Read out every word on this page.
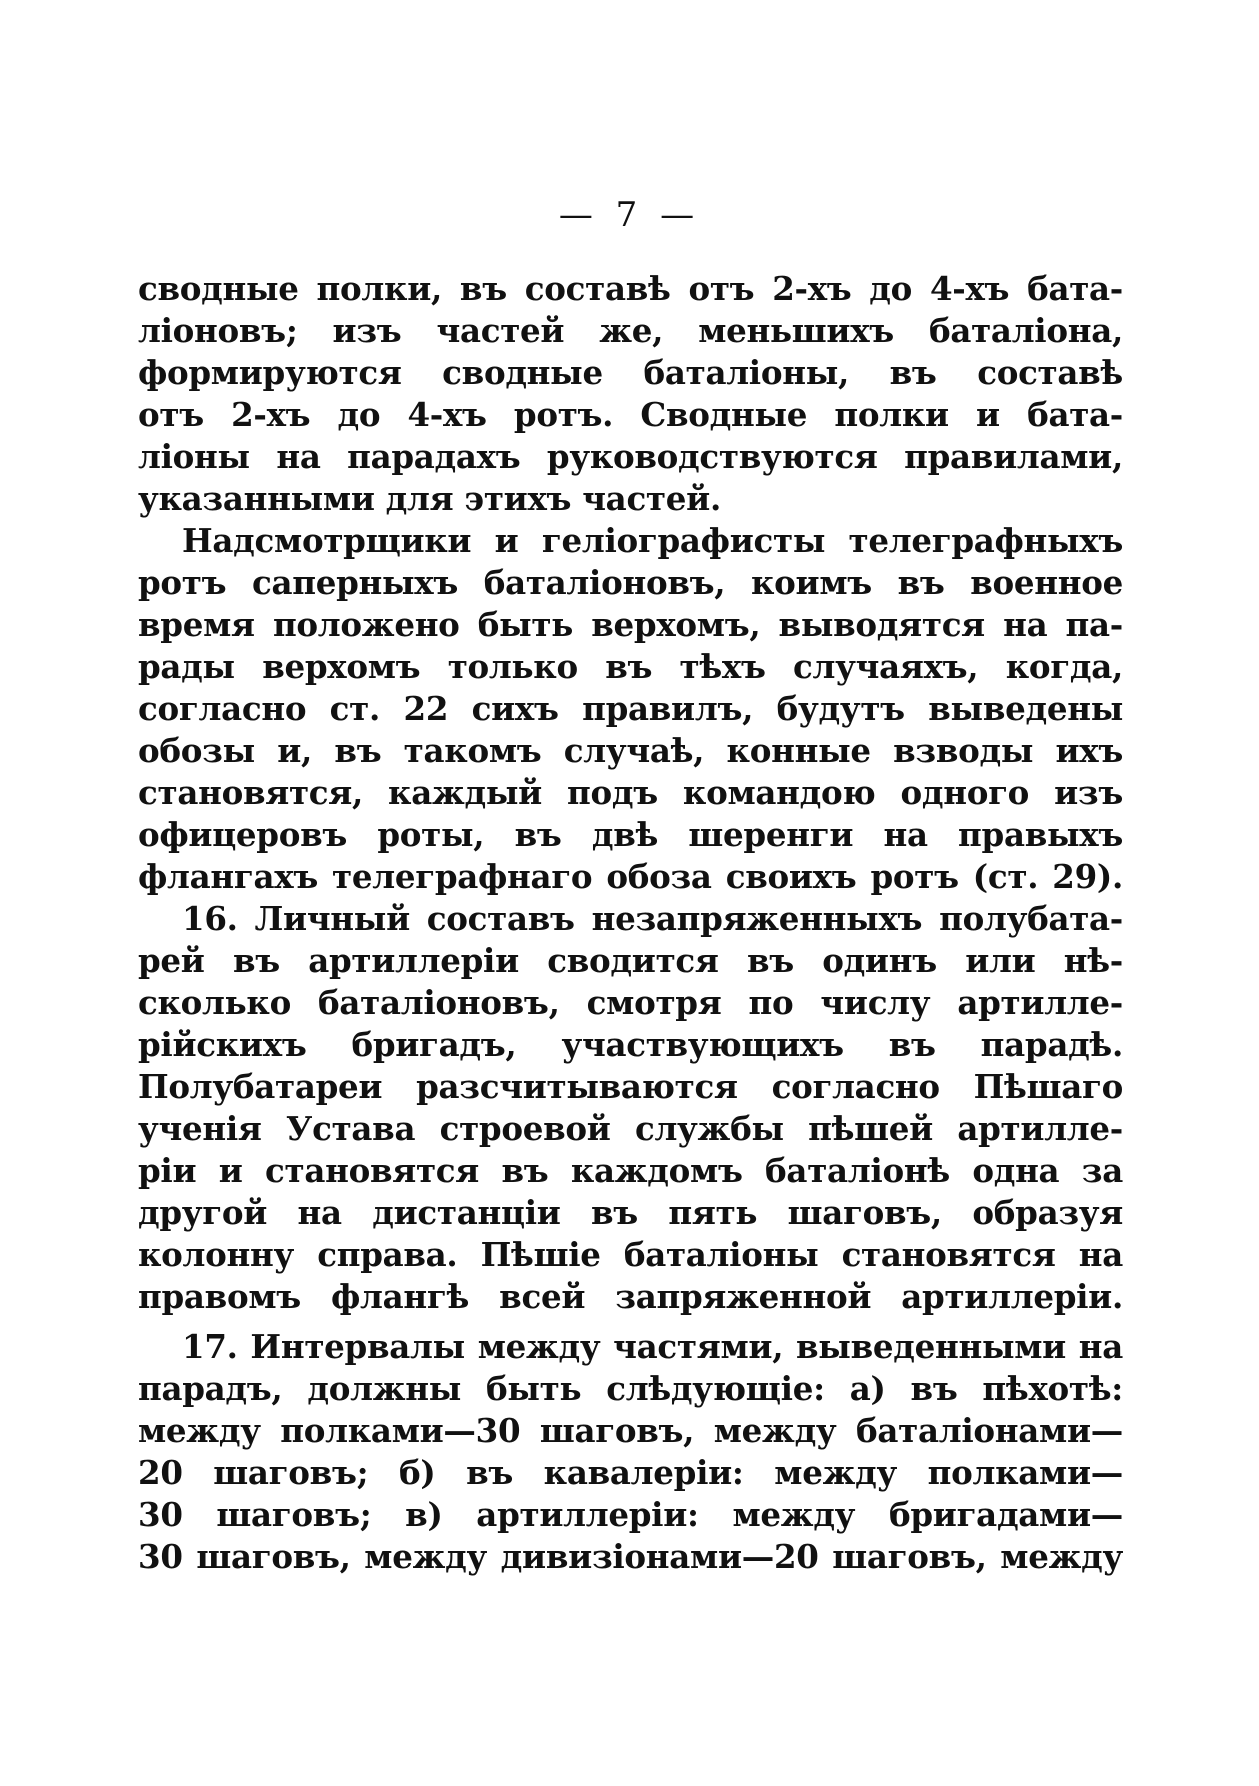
— 7 —
сводные полки, въ составѣ отъ 2-хъ до 4-хъ бата-
ліоновъ; изъ частей же, меньшихъ баталіона,
формируются сводные баталіоны, въ составѣ
отъ 2-хъ до 4-хъ ротъ. Сводные полки и бата-
ліоны на парадахъ руководствуются правилами,
указанными для этихъ частей.
Надсмотрщики и геліографисты телеграфныхъ
ротъ саперныхъ баталіоновъ, коимъ въ военное
время положено быть верхомъ, выводятся на па-
рады верхомъ только въ тѣхъ случаяхъ, когда,
согласно ст. 22 сихъ правилъ, будутъ выведены
обозы и, въ такомъ случаѣ, конные взводы ихъ
становятся, каждый подъ командою одного изъ
офицеровъ роты, въ двѣ шеренги на правыхъ
флангахъ телеграфнаго обоза своихъ ротъ (ст. 29).
16. Личный составъ незапряженныхъ полубата-
рей въ артиллеріи сводится въ одинъ или нѣ-
сколько баталіоновъ, смотря по числу артилле-
рійскихъ бригадъ, участвующихъ въ парадѣ.
Полубатареи разсчитываются согласно Пѣшаго
ученія Устава строевой службы пѣшей артилле-
ріи и становятся въ каждомъ баталіонѣ одна за
другой на дистанціи въ пять шаговъ, образуя
колонну справа. Пѣшіе баталіоны становятся на
правомъ флангѣ всей запряженной артиллеріи.
17. Интервалы между частями, выведенными на
парадъ, должны быть слѣдующіе: а) въ пѣхотѣ:
между полками—30 шаговъ, между баталіонами—
20 шаговъ; б) въ кавалеріи: между полками—
30 шаговъ; в) артиллеріи: между бригадами—
30 шаговъ, между дивизіонами—20 шаговъ, между
